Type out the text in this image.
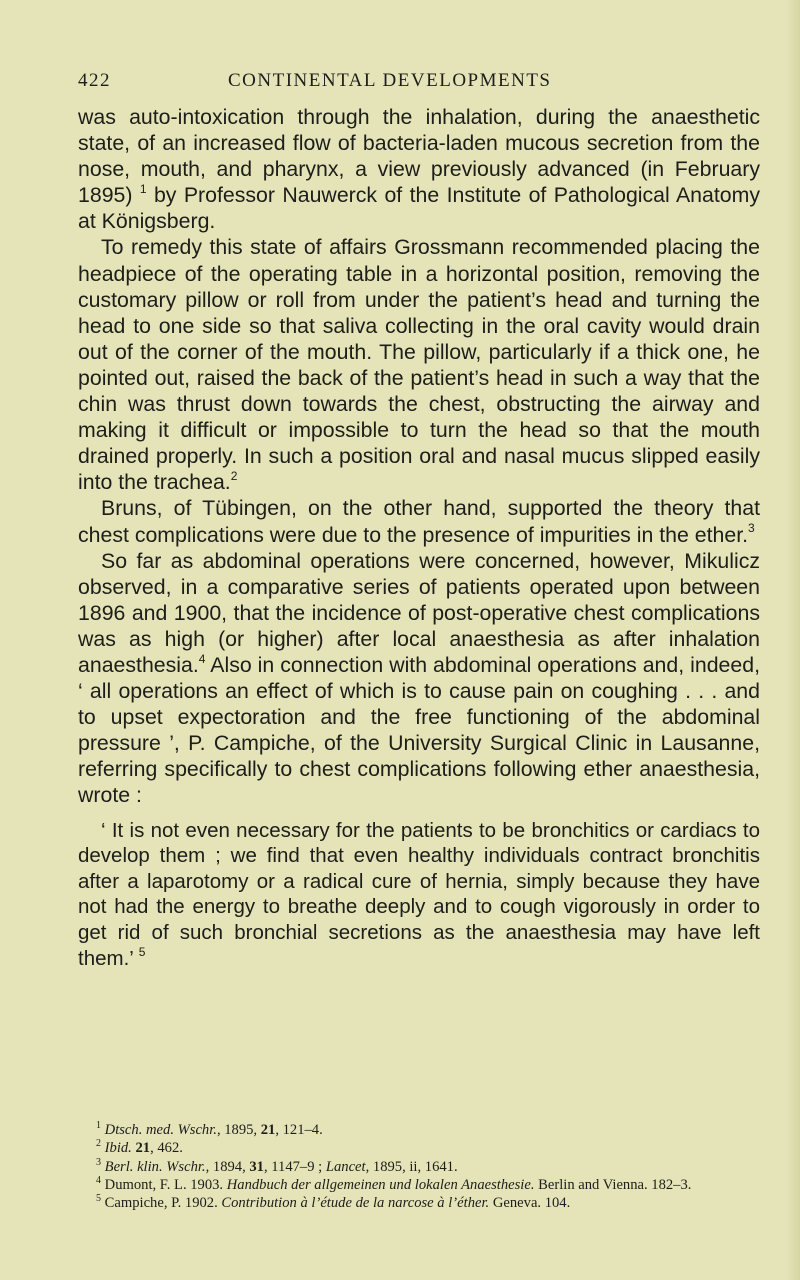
422	CONTINENTAL DEVELOPMENTS

was auto-intoxication through the inhalation, during the anaesthetic state, of an increased flow of bacteria-laden mucous secretion from the nose, mouth, and pharynx, a view previously advanced (in February 1895) $^1$ by Professor Nauwerck of the Institute of Pathological Anatomy at Königsberg.

To remedy this state of affairs Grossmann recommended placing the headpiece of the operating table in a horizontal position, removing the customary pillow or roll from under the patient’s head and turning the head to one side so that saliva collecting in the oral cavity would drain out of the corner of the mouth. The pillow, particularly if a thick one, he pointed out, raised the back of the patient’s head in such a way that the chin was thrust down towards the chest, obstructing the airway and making it difficult or impossible to turn the head so that the mouth drained properly. In such a position oral and nasal mucus slipped easily into the trachea.$^2$

Bruns, of Tübingen, on the other hand, supported the theory that chest complications were due to the presence of impurities in the ether.$^3$

So far as abdominal operations were concerned, however, Mikulicz observed, in a comparative series of patients operated upon between 1896 and 1900, that the incidence of post-operative chest complications was as high (or higher) after local anaesthesia as after inhalation anaesthesia.$^4$ Also in connection with abdominal operations and, indeed, ‘ all operations an effect of which is to cause pain on coughing . . . and to upset expectoration and the free functioning of the abdominal pressure ’, P. Campiche, of the University Surgical Clinic in Lausanne, referring specifically to chest complications following ether anaesthesia, wrote :

‘ It is not even necessary for the patients to be bronchitics or cardiacs to develop them ; we find that even healthy individuals contract bronchitis after a laparotomy or a radical cure of hernia, simply because they have not had the energy to breathe deeply and to cough vigorously in order to get rid of such bronchial secretions as the anaesthesia may have left them.’ $^5$

$^1$ Dtsch. med. Wschr., 1895, 21, 121–4.
$^2$ Ibid. 21, 462.
$^3$ Berl. klin. Wschr., 1894, 31, 1147–9 ; Lancet, 1895, ii, 1641.
$^4$ Dumont, F. L. 1903. Handbuch der allgemeinen und lokalen Anaesthesie. Berlin and Vienna. 182–3.
$^5$ Campiche, P. 1902. Contribution à l’étude de la narcose à l’éther. Geneva. 104.
